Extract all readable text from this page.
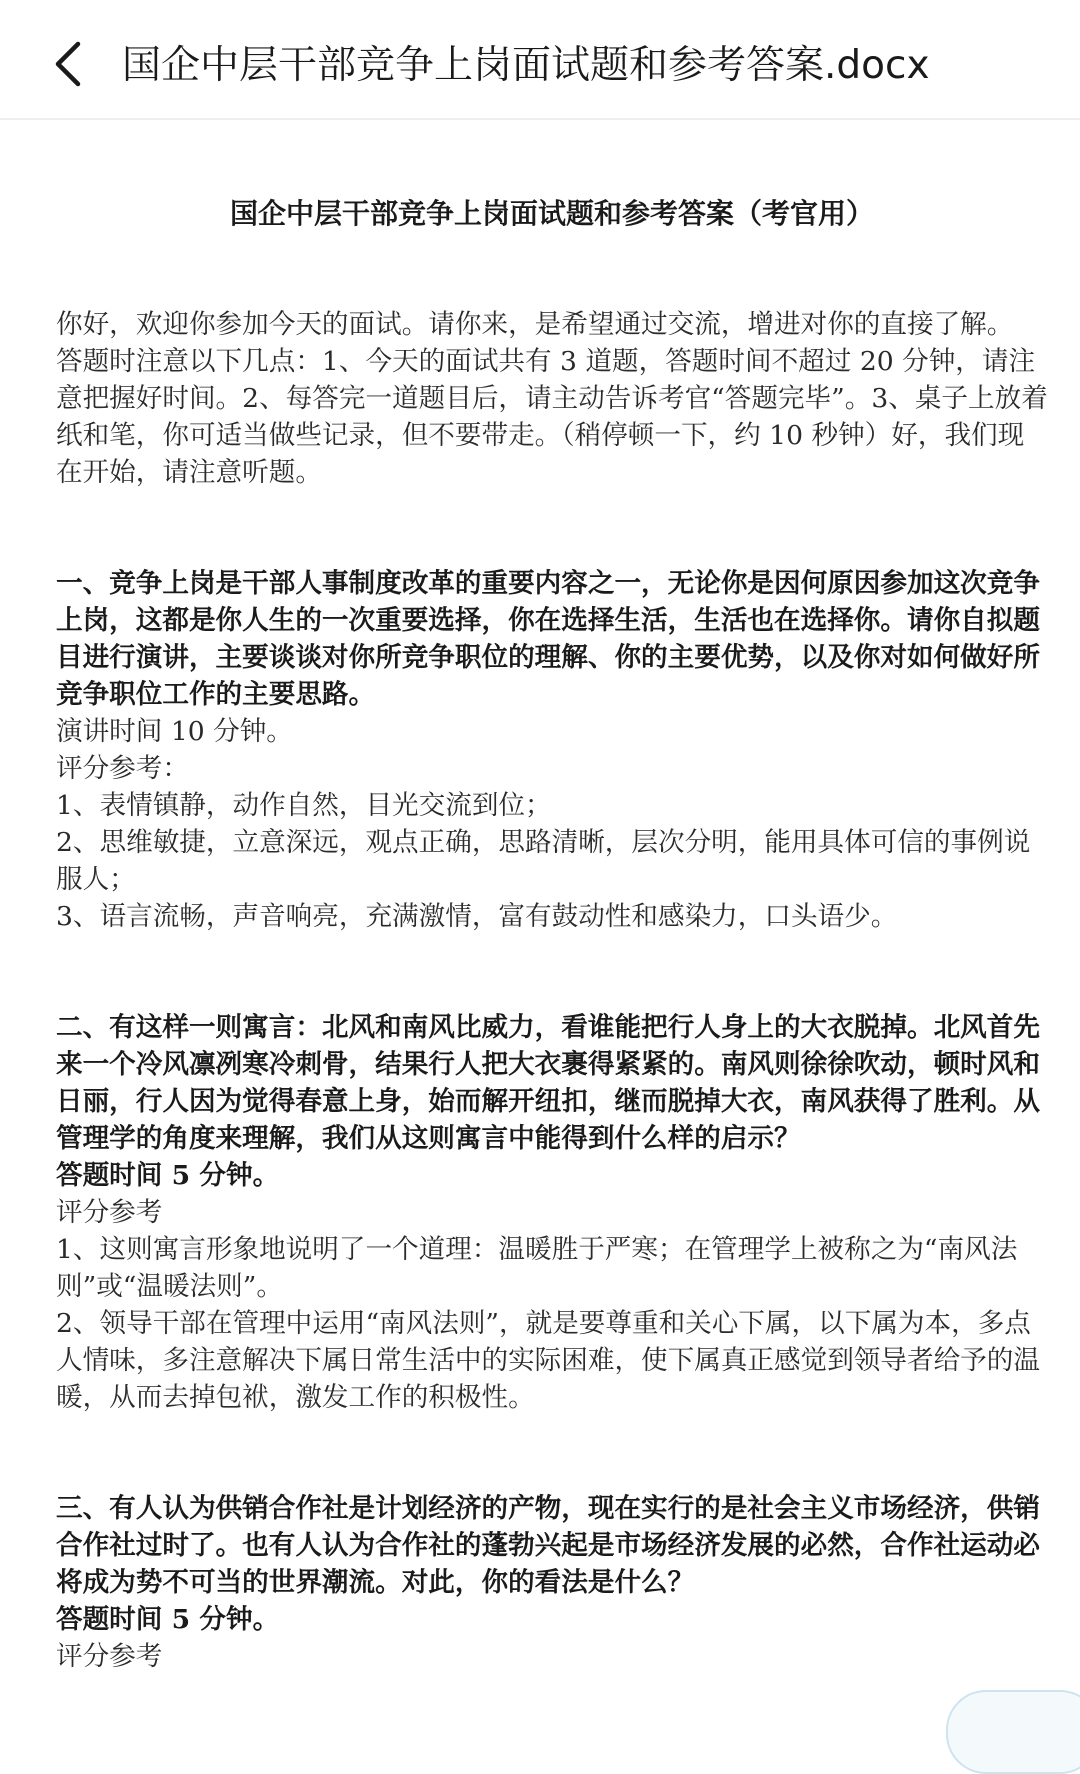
国企中层干部竞争上岗面试题和参考答案.docx

国企中层干部竞争上岗面试题和参考答案（考官用）

你好，欢迎你参加今天的面试。请你来，是希望通过交流，增进对你的直接了解。

答题时注意以下几点：1、今天的面试共有 3 道题，答题时间不超过 20 分钟，请注意把握好时间。2、每答完一道题目后，请主动告诉考官“答题完毕”。3、桌子上放着纸和笔，你可适当做些记录，但不要带走。（稍停顿一下，约 10 秒钟）好，我们现在开始，请注意听题。

一、竞争上岗是干部人事制度改革的重要内容之一，无论你是因何原因参加这次竞争上岗，这都是你人生的一次重要选择，你在选择生活，生活也在选择你。请你自拟题目进行演讲，主要谈谈对你所竞争职位的理解、你的主要优势，以及你对如何做好所竞争职位工作的主要思路。

演讲时间 10 分钟。

评分参考：

1、表情镇静，动作自然，目光交流到位；

2、思维敏捷，立意深远，观点正确，思路清晰，层次分明，能用具体可信的事例说服人；

3、语言流畅，声音响亮，充满激情，富有鼓动性和感染力，口头语少。

二、有这样一则寓言：北风和南风比威力，看谁能把行人身上的大衣脱掉。北风首先来一个冷风凛冽寒冷刺骨，结果行人把大衣裹得紧紧的。南风则徐徐吹动，顿时风和日丽，行人因为觉得春意上身，始而解开纽扣，继而脱掉大衣，南风获得了胜利。从管理学的角度来理解，我们从这则寓言中能得到什么样的启示？

答题时间 5 分钟。

评分参考

1、这则寓言形象地说明了一个道理：温暖胜于严寒；在管理学上被称之为“南风法则”或“温暖法则”。

2、领导干部在管理中运用“南风法则”，就是要尊重和关心下属，以下属为本，多点人情味，多注意解决下属日常生活中的实际困难，使下属真正感觉到领导者给予的温暖，从而去掉包袱，激发工作的积极性。

三、有人认为供销合作社是计划经济的产物，现在实行的是社会主义市场经济，供销合作社过时了。也有人认为合作社的蓬勃兴起是市场经济发展的必然，合作社运动必将成为势不可当的世界潮流。对此，你的看法是什么？

答题时间 5 分钟。

评分参考
